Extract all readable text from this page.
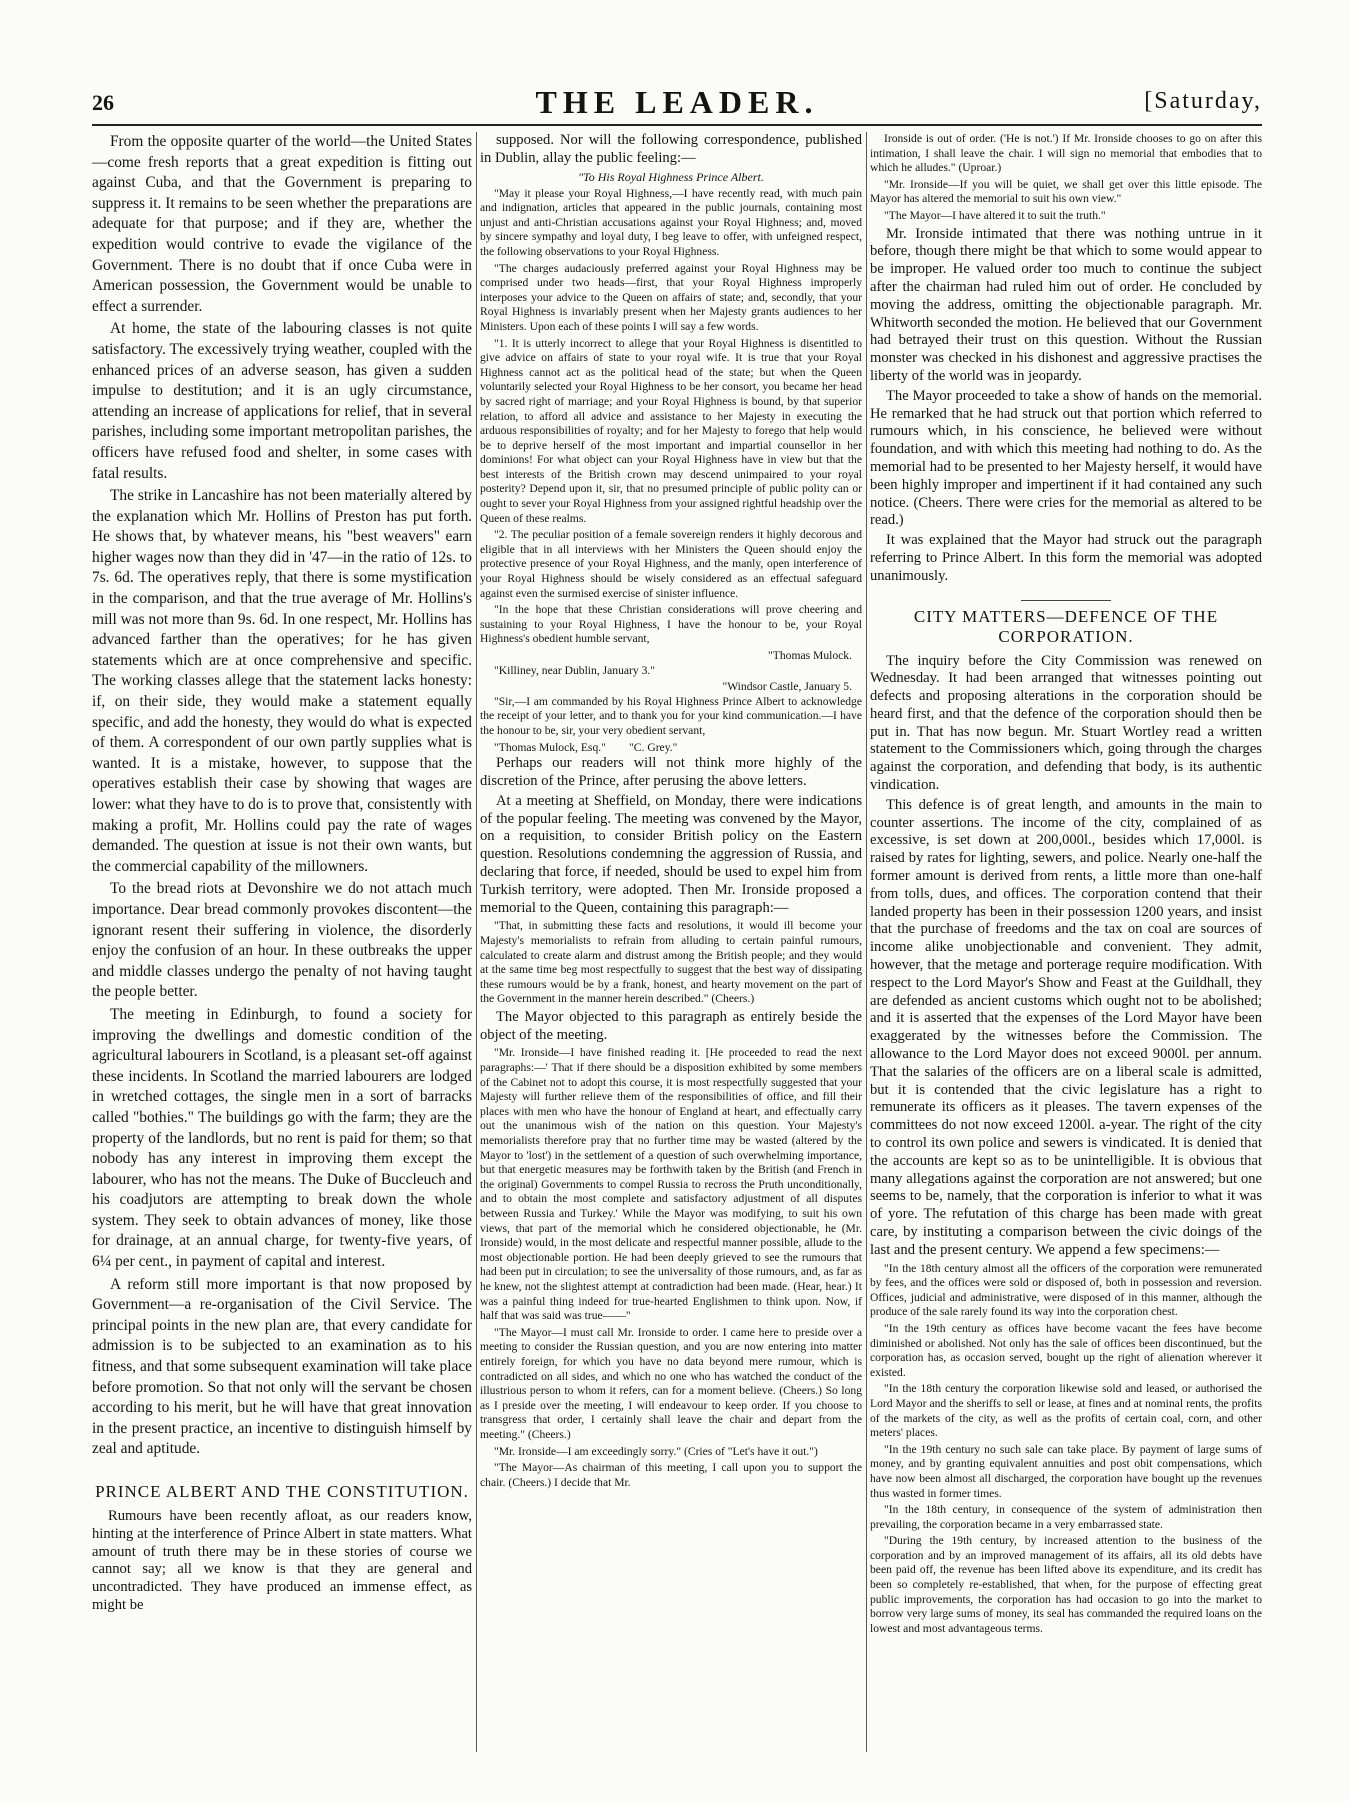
26	THE LEADER.	[Saturday,

From the opposite quarter of the world—the United States—come fresh reports that a great expedition is fitting out against Cuba, and that the Government is preparing to suppress it. It remains to be seen whether the preparations are adequate for that purpose; and if they are, whether the expedition would contrive to evade the vigilance of the Government. There is no doubt that if once Cuba were in American possession, the Government would be unable to effect a surrender.

At home, the state of the labouring classes is not quite satisfactory. The excessively trying weather, coupled with the enhanced prices of an adverse season, has given a sudden impulse to destitution; and it is an ugly circumstance, attending an increase of applications for relief, that in several parishes, including some important metropolitan parishes, the officers have refused food and shelter, in some cases with fatal results.

The strike in Lancashire has not been materially altered by the explanation which Mr. Hollins of Preston has put forth. He shows that, by whatever means, his "best weavers" earn higher wages now than they did in '47—in the ratio of 12s. to 7s. 6d. The operatives reply, that there is some mystification in the comparison, and that the true average of Mr. Hollins's mill was not more than 9s. 6d. In one respect, Mr. Hollins has advanced farther than the operatives; for he has given statements which are at once comprehensive and specific. The working classes allege that the statement lacks honesty: if, on their side, they would make a statement equally specific, and add the honesty, they would do what is expected of them. A correspondent of our own partly supplies what is wanted. It is a mistake, however, to suppose that the operatives establish their case by showing that wages are lower: what they have to do is to prove that, consistently with making a profit, Mr. Hollins could pay the rate of wages demanded. The question at issue is not their own wants, but the commercial capability of the millowners.

To the bread riots at Devonshire we do not attach much importance. Dear bread commonly provokes discontent—the ignorant resent their suffering in violence, the disorderly enjoy the confusion of an hour. In these outbreaks the upper and middle classes undergo the penalty of not having taught the people better.

The meeting in Edinburgh, to found a society for improving the dwellings and domestic condition of the agricultural labourers in Scotland, is a pleasant set-off against these incidents. In Scotland the married labourers are lodged in wretched cottages, the single men in a sort of barracks called "bothies." The buildings go with the farm; they are the property of the landlords, but no rent is paid for them; so that nobody has any interest in improving them except the labourer, who has not the means. The Duke of Buccleuch and his coadjutors are attempting to break down the whole system. They seek to obtain advances of money, like those for drainage, at an annual charge, for twenty-five years, of 6¼ per cent., in payment of capital and interest.

A reform still more important is that now proposed by Government—a re-organisation of the Civil Service. The principal points in the new plan are, that every candidate for admission is to be subjected to an examination as to his fitness, and that some subsequent examination will take place before promotion. So that not only will the servant be chosen according to his merit, but he will have that great innovation in the present practice, an incentive to distinguish himself by zeal and aptitude.

PRINCE ALBERT AND THE CONSTITUTION.

Rumours have been recently afloat, as our readers know, hinting at the interference of Prince Albert in state matters. What amount of truth there may be in these stories of course we cannot say; all we know is that they are general and uncontradicted. They have produced an immense effect, as might be

supposed. Nor will the following correspondence, published in Dublin, allay the public feeling:—

"To His Royal Highness Prince Albert.

"May it please your Royal Highness,—I have recently read, with much pain and indignation, articles that appeared in the public journals, containing most unjust and anti-Christian accusations against your Royal Highness; and, moved by sincere sympathy and loyal duty, I beg leave to offer, with unfeigned respect, the following observations to your Royal Highness.

"The charges audaciously preferred against your Royal Highness may be comprised under two heads—first, that your Royal Highness improperly interposes your advice to the Queen on affairs of state; and, secondly, that your Royal Highness is invariably present when her Majesty grants audiences to her Ministers. Upon each of these points I will say a few words.

"1. It is utterly incorrect to allege that your Royal Highness is disentitled to give advice on affairs of state to your royal wife. It is true that your Royal Highness cannot act as the political head of the state; but when the Queen voluntarily selected your Royal Highness to be her consort, you became her head by sacred right of marriage; and your Royal Highness is bound, by that superior relation, to afford all advice and assistance to her Majesty in executing the arduous responsibilities of royalty; and for her Majesty to forego that help would be to deprive herself of the most important and impartial counsellor in her dominions! For what object can your Royal Highness have in view but that the best interests of the British crown may descend unimpaired to your royal posterity? Depend upon it, sir, that no presumed principle of public polity can or ought to sever your Royal Highness from your assigned rightful headship over the Queen of these realms.

"2. The peculiar position of a female sovereign renders it highly decorous and eligible that in all interviews with her Ministers the Queen should enjoy the protective presence of your Royal Highness, and the manly, open interference of your Royal Highness should be wisely considered as an effectual safeguard against even the surmised exercise of sinister influence.

"In the hope that these Christian considerations will prove cheering and sustaining to your Royal Highness, I have the honour to be, your Royal Highness's obedient humble servant,

"Thomas Mulock.

"Killiney, near Dublin, January 3."

"Windsor Castle, January 5.

"Sir,—I am commanded by his Royal Highness Prince Albert to acknowledge the receipt of your letter, and to thank you for your kind communication.—I have the honour to be, sir, your very obedient servant,

"Thomas Mulock, Esq."        "C. Grey."

Perhaps our readers will not think more highly of the discretion of the Prince, after perusing the above letters.

At a meeting at Sheffield, on Monday, there were indications of the popular feeling. The meeting was convened by the Mayor, on a requisition, to consider British policy on the Eastern question. Resolutions condemning the aggression of Russia, and declaring that force, if needed, should be used to expel him from Turkish territory, were adopted. Then Mr. Ironside proposed a memorial to the Queen, containing this paragraph:—

"That, in submitting these facts and resolutions, it would ill become your Majesty's memorialists to refrain from alluding to certain painful rumours, calculated to create alarm and distrust among the British people; and they would at the same time beg most respectfully to suggest that the best way of dissipating these rumours would be by a frank, honest, and hearty movement on the part of the Government in the manner herein described." (Cheers.)

The Mayor objected to this paragraph as entirely beside the object of the meeting.

"Mr. Ironside—I have finished reading it. [He proceeded to read the next paragraphs:—' That if there should be a disposition exhibited by some members of the Cabinet not to adopt this course, it is most respectfully suggested that your Majesty will further relieve them of the responsibilities of office, and fill their places with men who have the honour of England at heart, and effectually carry out the unanimous wish of the nation on this question. Your Majesty's memorialists therefore pray that no further time may be wasted (altered by the Mayor to 'lost') in the settlement of a question of such overwhelming importance, but that energetic measures may be forthwith taken by the British (and French in the original) Governments to compel Russia to recross the Pruth unconditionally, and to obtain the most complete and satisfactory adjustment of all disputes between Russia and Turkey.' While the Mayor was modifying, to suit his own views, that part of the memorial which he considered objectionable, he (Mr. Ironside) would, in the most delicate and respectful manner possible, allude to the most objectionable portion. He had been deeply grieved to see the rumours that had been put in circulation; to see the universality of those rumours, and, as far as he knew, not the slightest attempt at contradiction had been made. (Hear, hear.) It was a painful thing indeed for true-hearted Englishmen to think upon. Now, if half that was said was true——"

"The Mayor—I must call Mr. Ironside to order. I came here to preside over a meeting to consider the Russian question, and you are now entering into matter entirely foreign, for which you have no data beyond mere rumour, which is contradicted on all sides, and which no one who has watched the conduct of the illustrious person to whom it refers, can for a moment believe. (Cheers.) So long as I preside over the meeting, I will endeavour to keep order. If you choose to transgress that order, I certainly shall leave the chair and depart from the meeting." (Cheers.)

"Mr. Ironside—I am exceedingly sorry." (Cries of "Let's have it out.")

"The Mayor—As chairman of this meeting, I call upon you to support the chair. (Cheers.) I decide that Mr.

Ironside is out of order. ('He is not.') If Mr. Ironside chooses to go on after this intimation, I shall leave the chair. I will sign no memorial that embodies that to which he alludes." (Uproar.)

"Mr. Ironside—If you will be quiet, we shall get over this little episode. The Mayor has altered the memorial to suit his own view."

"The Mayor—I have altered it to suit the truth."

Mr. Ironside intimated that there was nothing untrue in it before, though there might be that which to some would appear to be improper. He valued order too much to continue the subject after the chairman had ruled him out of order. He concluded by moving the address, omitting the objectionable paragraph. Mr. Whitworth seconded the motion. He believed that our Government had betrayed their trust on this question. Without the Russian monster was checked in his dishonest and aggressive practises the liberty of the world was in jeopardy.

The Mayor proceeded to take a show of hands on the memorial. He remarked that he had struck out that portion which referred to rumours which, in his conscience, he believed were without foundation, and with which this meeting had nothing to do. As the memorial had to be presented to her Majesty herself, it would have been highly improper and impertinent if it had contained any such notice. (Cheers. There were cries for the memorial as altered to be read.)

It was explained that the Mayor had struck out the paragraph referring to Prince Albert. In this form the memorial was adopted unanimously.

CITY MATTERS—DEFENCE OF THE CORPORATION.

The inquiry before the City Commission was renewed on Wednesday. It had been arranged that witnesses pointing out defects and proposing alterations in the corporation should be heard first, and that the defence of the corporation should then be put in. That has now begun. Mr. Stuart Wortley read a written statement to the Commissioners which, going through the charges against the corporation, and defending that body, is its authentic vindication.

This defence is of great length, and amounts in the main to counter assertions. The income of the city, complained of as excessive, is set down at 200,000l., besides which 17,000l. is raised by rates for lighting, sewers, and police. Nearly one-half the former amount is derived from rents, a little more than one-half from tolls, dues, and offices. The corporation contend that their landed property has been in their possession 1200 years, and insist that the purchase of freedoms and the tax on coal are sources of income alike unobjectionable and convenient. They admit, however, that the metage and porterage require modification. With respect to the Lord Mayor's Show and Feast at the Guildhall, they are defended as ancient customs which ought not to be abolished; and it is asserted that the expenses of the Lord Mayor have been exaggerated by the witnesses before the Commission. The allowance to the Lord Mayor does not exceed 9000l. per annum. That the salaries of the officers are on a liberal scale is admitted, but it is contended that the civic legislature has a right to remunerate its officers as it pleases. The tavern expenses of the committees do not now exceed 1200l. a-year. The right of the city to control its own police and sewers is vindicated. It is denied that the accounts are kept so as to be unintelligible. It is obvious that many allegations against the corporation are not answered; but one seems to be, namely, that the corporation is inferior to what it was of yore. The refutation of this charge has been made with great care, by instituting a comparison between the civic doings of the last and the present century. We append a few specimens:—

"In the 18th century almost all the officers of the corporation were remunerated by fees, and the offices were sold or disposed of, both in possession and reversion. Offices, judicial and administrative, were disposed of in this manner, although the produce of the sale rarely found its way into the corporation chest.

"In the 19th century as offices have become vacant the fees have become diminished or abolished. Not only has the sale of offices been discontinued, but the corporation has, as occasion served, bought up the right of alienation wherever it existed.

"In the 18th century the corporation likewise sold and leased, or authorised the Lord Mayor and the sheriffs to sell or lease, at fines and at nominal rents, the profits of the markets of the city, as well as the profits of certain coal, corn, and other meters' places.

"In the 19th century no such sale can take place. By payment of large sums of money, and by granting equivalent annuities and post obit compensations, which have now been almost all discharged, the corporation have bought up the revenues thus wasted in former times.

"In the 18th century, in consequence of the system of administration then prevailing, the corporation became in a very embarrassed state.

"During the 19th century, by increased attention to the business of the corporation and by an improved management of its affairs, all its old debts have been paid off, the revenue has been lifted above its expenditure, and its credit has been so completely re-established, that when, for the purpose of effecting great public improvements, the corporation has had occasion to go into the market to borrow very large sums of money, its seal has commanded the required loans on the lowest and most advantageous terms.
